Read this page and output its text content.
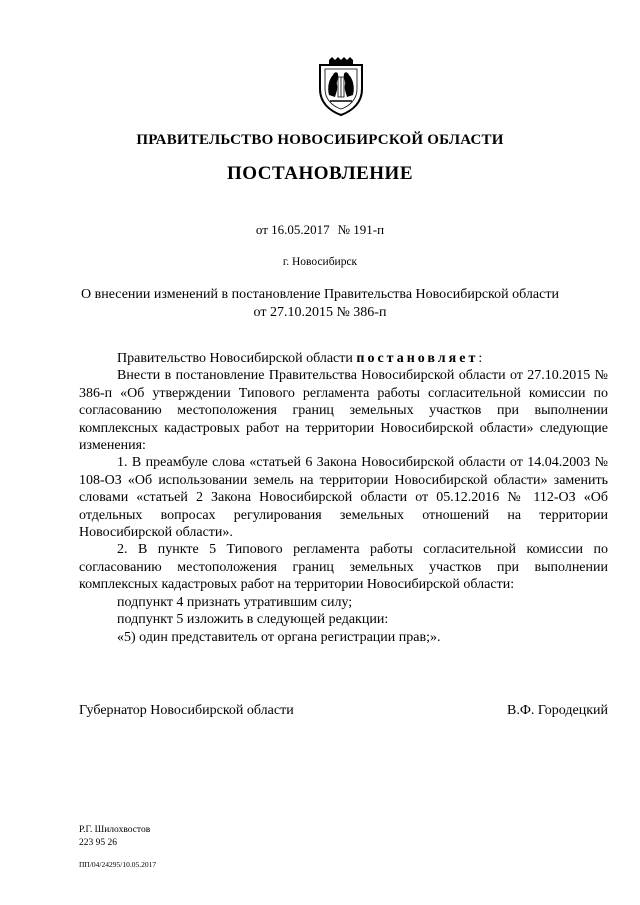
ПРАВИТЕЛЬСТВО НОВОСИБИРСКОЙ ОБЛАСТИ
ПОСТАНОВЛЕНИЕ
от 16.05.2017 № 191-п
г. Новосибирск
О внесении изменений в постановление Правительства Новосибирской области
от 27.10.2015 № 386-п

Правительство Новосибирской области постановляет:

Внести в постановление Правительства Новосибирской области от 27.10.2015 № 386-п «Об утверждении Типового регламента работы согласительной комиссии по согласованию местоположения границ земельных участков при выполнении комплексных кадастровых работ на территории Новосибирской области» следующие изменения:

1. В преамбуле слова «статьей 6 Закона Новосибирской области от 14.04.2003 № 108-ОЗ «Об использовании земель на территории Новосибирской области» заменить словами «статьей 2 Закона Новосибирской области от 05.12.2016 № 112-ОЗ «Об отдельных вопросах регулирования земельных отношений на территории Новосибирской области».

2. В пункте 5 Типового регламента работы согласительной комиссии по согласованию местоположения границ земельных участков при выполнении комплексных кадастровых работ на территории Новосибирской области:

подпункт 4 признать утратившим силу;

подпункт 5 изложить в следующей редакции:

«5) один представитель от органа регистрации прав;».

Губернатор Новосибирской области	В.Ф. Городецкий
Р.Г. Шилохвостов
223 95 26
ПП/04/24295/10.05.2017
